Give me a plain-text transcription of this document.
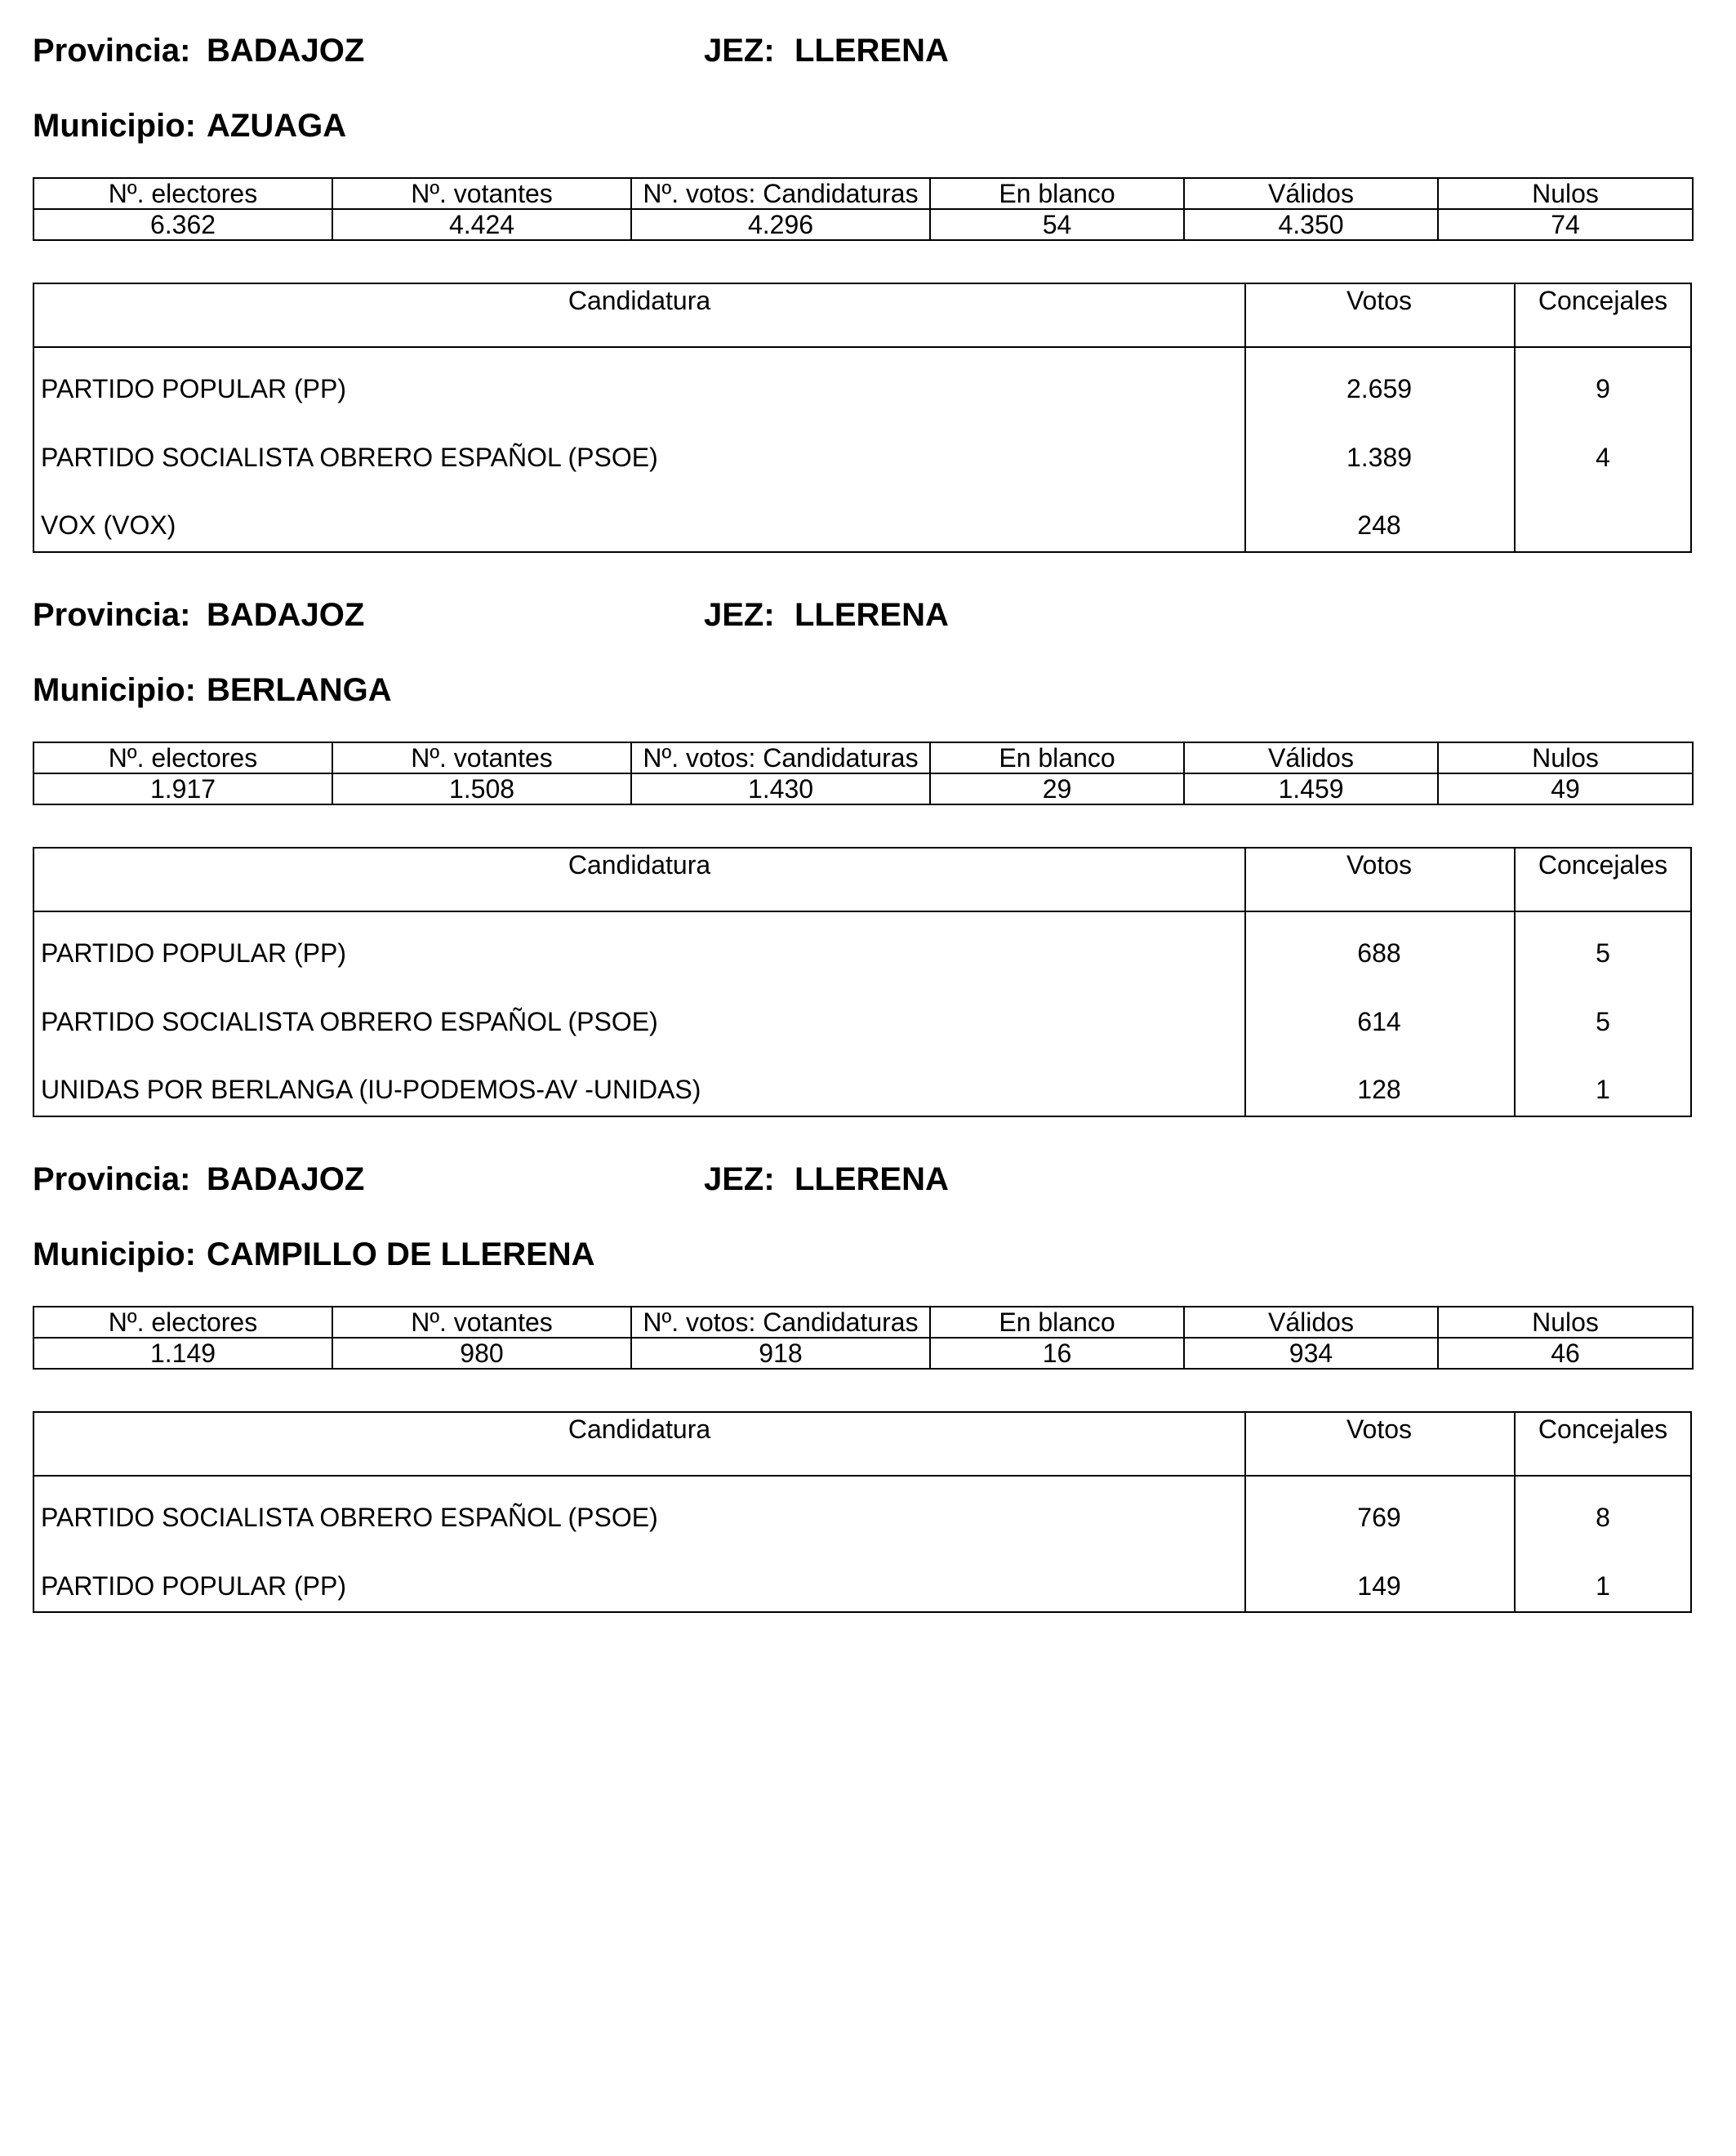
Provincia: BADAJOZ	JEZ: LLERENA
Municipio: AZUAGA
Nº. electores	Nº. votantes	Nº. votos: Candidaturas	En blanco	Válidos	Nulos
6.362	4.424	4.296	54	4.350	74
Candidatura	Votos	Concejales
PARTIDO POPULAR (PP)	2.659	9
PARTIDO SOCIALISTA OBRERO ESPAÑOL (PSOE)	1.389	4
VOX (VOX)	248
Provincia: BADAJOZ	JEZ: LLERENA
Municipio: BERLANGA
Nº. electores	Nº. votantes	Nº. votos: Candidaturas	En blanco	Válidos	Nulos
1.917	1.508	1.430	29	1.459	49
Candidatura	Votos	Concejales
PARTIDO POPULAR (PP)	688	5
PARTIDO SOCIALISTA OBRERO ESPAÑOL (PSOE)	614	5
UNIDAS POR BERLANGA (IU-PODEMOS-AV -UNIDAS)	128	1
Provincia: BADAJOZ	JEZ: LLERENA
Municipio: CAMPILLO DE LLERENA
Nº. electores	Nº. votantes	Nº. votos: Candidaturas	En blanco	Válidos	Nulos
1.149	980	918	16	934	46
Candidatura	Votos	Concejales
PARTIDO SOCIALISTA OBRERO ESPAÑOL (PSOE)	769	8
PARTIDO POPULAR (PP)	149	1
